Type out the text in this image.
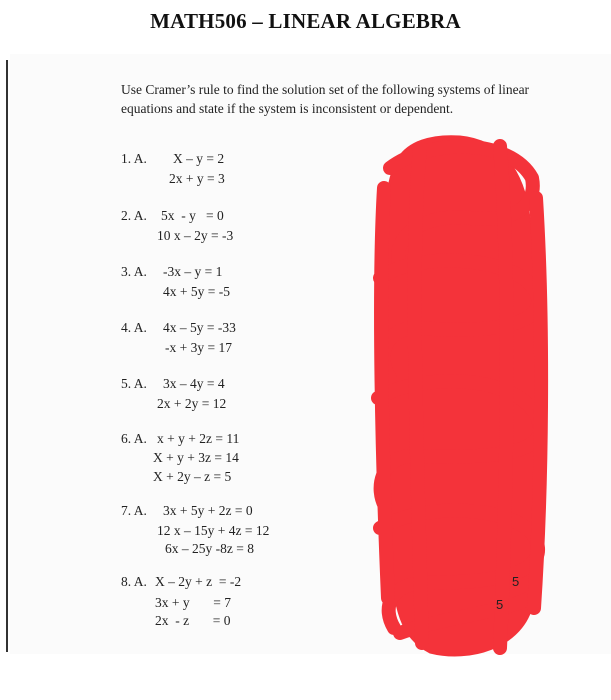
MATH506 – LINEAR ALGEBRA
Use Cramer’s rule to find the solution set of the following systems of linear equations and state if the system is inconsistent or dependent.
1. A. X – y = 2
2x + y = 3
2. A. 5x  - y   = 0
10 x – 2y = -3
3. A. -3x – y = 1
4x + 5y = -5
4. A. 4x – 5y = -33
-x + 3y = 17
5. A. 3x – 4y = 4
2x + 2y = 12
6. A. x + y + 2z = 11
X + y + 3z = 14
X + 2y – z = 5
7. A. 3x + 5y + 2z = 0
12 x – 15y + 4z = 12
6x – 25y -8z = 8
8. A. X – 2y + z  = -2
3x + y       = 7
2x  - z       = 0
5
5
